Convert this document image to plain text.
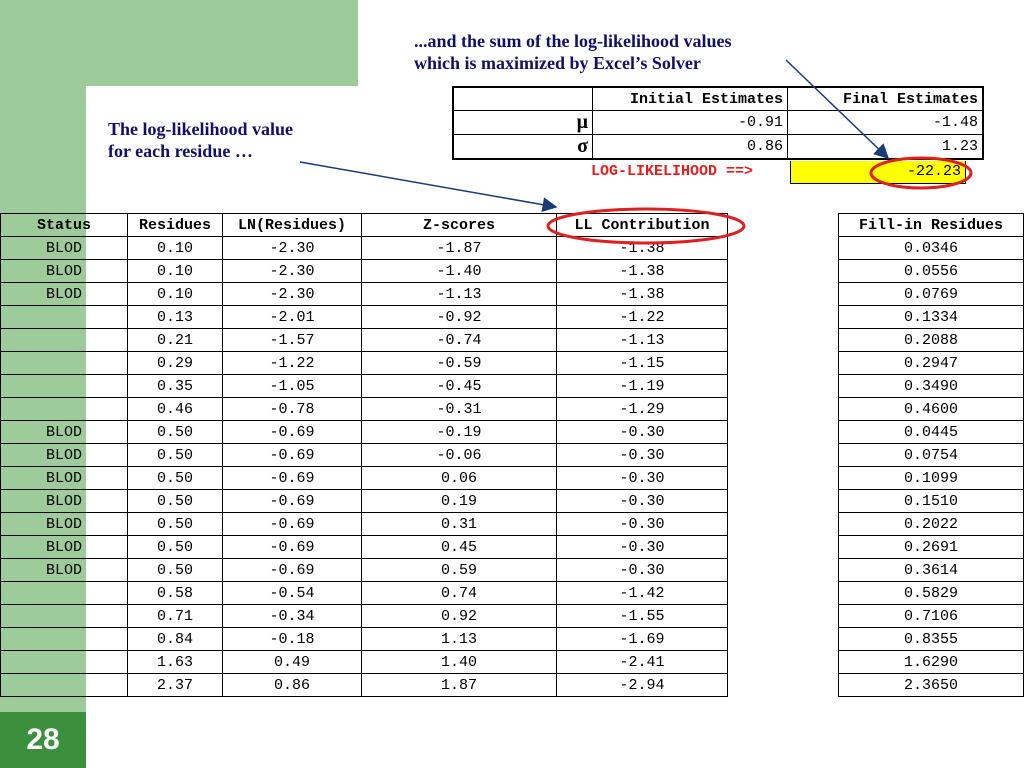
28
...and the sum of the log-likelihood values
which is maximized by Excel’s Solver
The log-likelihood value
for each residue …
	Initial Estimates	Final Estimates
μ	-0.91	-1.48
σ	0.86	1.23
LOG-LIKELIHOOD ==>	-22.23
Status	Residues	LN(Residues)	Z-scores	LL Contribution
BLOD	0.10	-2.30	-1.87	-1.38
BLOD	0.10	-2.30	-1.40	-1.38
BLOD	0.10	-2.30	-1.13	-1.38
	0.13	-2.01	-0.92	-1.22
	0.21	-1.57	-0.74	-1.13
	0.29	-1.22	-0.59	-1.15
	0.35	-1.05	-0.45	-1.19
	0.46	-0.78	-0.31	-1.29
BLOD	0.50	-0.69	-0.19	-0.30
BLOD	0.50	-0.69	-0.06	-0.30
BLOD	0.50	-0.69	0.06	-0.30
BLOD	0.50	-0.69	0.19	-0.30
BLOD	0.50	-0.69	0.31	-0.30
BLOD	0.50	-0.69	0.45	-0.30
BLOD	0.50	-0.69	0.59	-0.30
	0.58	-0.54	0.74	-1.42
	0.71	-0.34	0.92	-1.55
	0.84	-0.18	1.13	-1.69
	1.63	0.49	1.40	-2.41
	2.37	0.86	1.87	-2.94
Fill-in Residues
0.0346
0.0556
0.0769
0.1334
0.2088
0.2947
0.3490
0.4600
0.0445
0.0754
0.1099
0.1510
0.2022
0.2691
0.3614
0.5829
0.7106
0.8355
1.6290
2.3650
